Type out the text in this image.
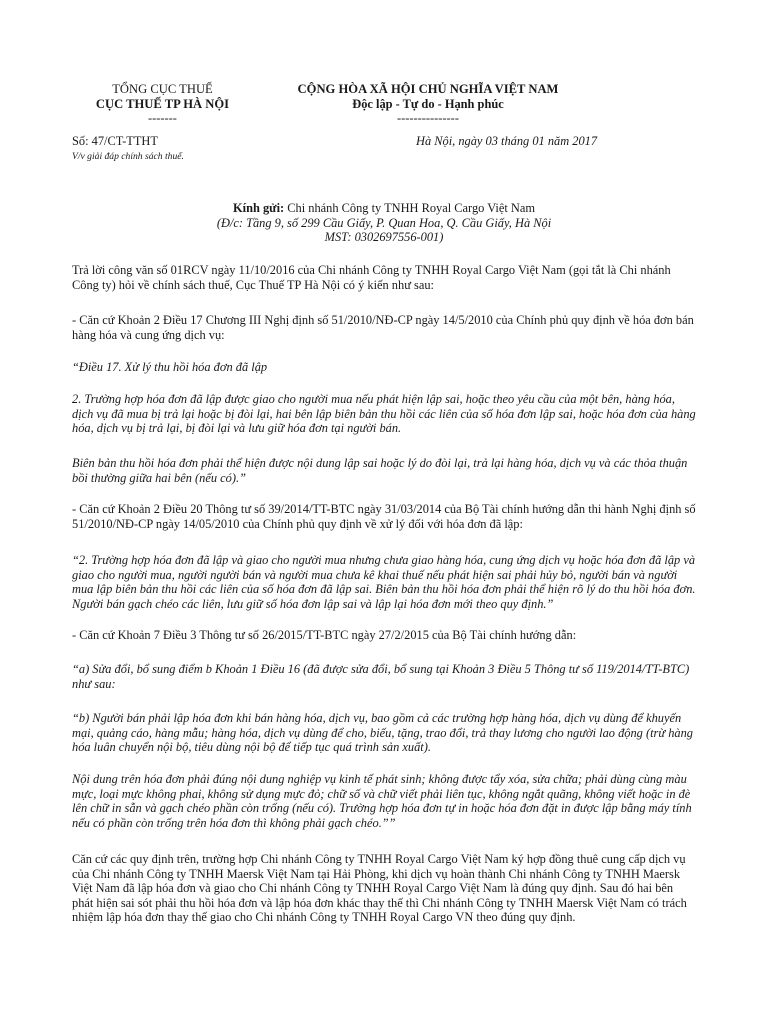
TỔNG CỤC THUẾ
CỤC THUẾ TP HÀ NỘI
-------
CỘNG HÒA XÃ HỘI CHỦ NGHĨA VIỆT NAM
Độc lập - Tự do - Hạnh phúc
---------------
Số: 47/CT-TTHT
V/v giải đáp chính sách thuế.
Hà Nội, ngày 03 tháng 01 năm 2017
Kính gửi: Chi nhánh Công ty TNHH Royal Cargo Việt Nam
(Đ/c: Tầng 9, số 299 Cầu Giấy, P. Quan Hoa, Q. Cầu Giấy, Hà Nội
MST: 0302697556-001)

Trả lời công văn số 01RCV ngày 11/10/2016 của Chi nhánh Công ty TNHH Royal Cargo Việt Nam (gọi tắt là Chi nhánh Công ty) hỏi về chính sách thuế, Cục Thuế TP Hà Nội có ý kiến như sau:

- Căn cứ Khoản 2 Điều 17 Chương III Nghị định số 51/2010/NĐ-CP ngày 14/5/2010 của Chính phủ quy định về hóa đơn bán hàng hóa và cung ứng dịch vụ:

“Điều 17. Xử lý thu hồi hóa đơn đã lập

2. Trường hợp hóa đơn đã lập được giao cho người mua nếu phát hiện lập sai, hoặc theo yêu cầu của một bên, hàng hóa, dịch vụ đã mua bị trả lại hoặc bị đòi lại, hai bên lập biên bản thu hồi các liên của số hóa đơn lập sai, hoặc hóa đơn của hàng hóa, dịch vụ bị trả lại, bị đòi lại và lưu giữ hóa đơn tại người bán.

Biên bản thu hồi hóa đơn phải thể hiện được nội dung lập sai hoặc lý do đòi lại, trả lại hàng hóa, dịch vụ và các thỏa thuận bồi thường giữa hai bên (nếu có).”

- Căn cứ Khoản 2 Điều 20 Thông tư số 39/2014/TT-BTC ngày 31/03/2014 của Bộ Tài chính hướng dẫn thi hành Nghị định số 51/2010/NĐ-CP ngày 14/05/2010 của Chính phủ quy định về xử lý đối với hóa đơn đã lập:

“2. Trường hợp hóa đơn đã lập và giao cho người mua nhưng chưa giao hàng hóa, cung ứng dịch vụ hoặc hóa đơn đã lập và giao cho người mua, người người bán và người mua chưa kê khai thuế nếu phát hiện sai phải hủy bỏ, người bán và người mua lập biên bản thu hồi các liên của số hóa đơn đã lập sai. Biên bản thu hồi hóa đơn phải thể hiện rõ lý do thu hồi hóa đơn. Người bán gạch chéo các liên, lưu giữ số hóa đơn lập sai và lập lại hóa đơn mới theo quy định.”

- Căn cứ Khoản 7 Điều 3 Thông tư số 26/2015/TT-BTC ngày 27/2/2015 của Bộ Tài chính hướng dẫn:

“a) Sửa đổi, bổ sung điểm b Khoản 1 Điều 16 (đã được sửa đổi, bổ sung tại Khoản 3 Điều 5 Thông tư số 119/2014/TT-BTC) như sau:

“b) Người bán phải lập hóa đơn khi bán hàng hóa, dịch vụ, bao gồm cả các trường hợp hàng hóa, dịch vụ dùng để khuyến mại, quảng cáo, hàng mẫu; hàng hóa, dịch vụ dùng để cho, biếu, tặng, trao đổi, trả thay lương cho người lao động (trừ hàng hóa luân chuyển nội bộ, tiêu dùng nội bộ để tiếp tục quá trình sản xuất).

Nội dung trên hóa đơn phải đúng nội dung nghiệp vụ kinh tế phát sinh; không được tẩy xóa, sửa chữa; phải dùng cùng màu mực, loại mực không phai, không sử dụng mực đỏ; chữ số và chữ viết phải liên tục, không ngắt quãng, không viết hoặc in đè lên chữ in sẵn và gạch chéo phần còn trống (nếu có). Trường hợp hóa đơn tự in hoặc hóa đơn đặt in được lập bằng máy tính nếu có phần còn trống trên hóa đơn thì không phải gạch chéo.””

Căn cứ các quy định trên, trường hợp Chi nhánh Công ty TNHH Royal Cargo Việt Nam ký hợp đồng thuê cung cấp dịch vụ của Chi nhánh Công ty TNHH Maersk Việt Nam tại Hải Phòng, khi dịch vụ hoàn thành Chi nhánh Công ty TNHH Maersk Việt Nam đã lập hóa đơn và giao cho Chi nhánh Công ty TNHH Royal Cargo Việt Nam là đúng quy định. Sau đó hai bên phát hiện sai sót phải thu hồi hóa đơn và lập hóa đơn khác thay thế thì Chi nhánh Công ty TNHH Maersk Việt Nam có trách nhiệm lập hóa đơn thay thế giao cho Chi nhánh Công ty TNHH Royal Cargo VN theo đúng quy định.
